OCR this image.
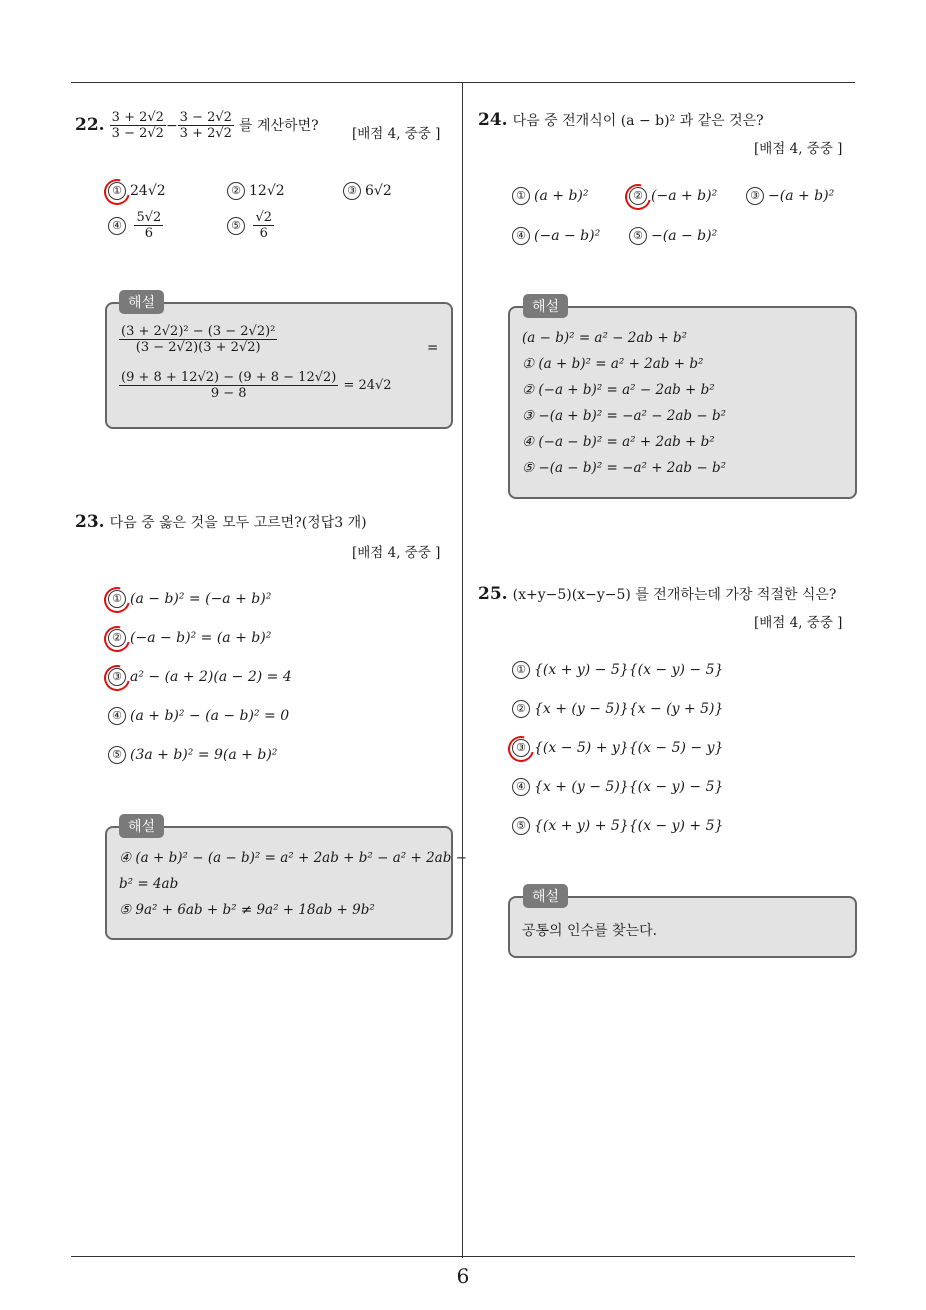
6
22. $\frac{3 + 2√2}{3 - 2√2} - \frac{3 - 2√2}{3 + 2√2}$ 를 계산하면? [배점 4, 중중 ]
① 24√2	② 12√2	③ 6√2
④ $\frac{5√2}{6}$	⑤ $\frac{√2}{6}$
$\frac{\text{(3 + 2√2)² − (3 − 2√2)²}}{(3 - 2√2)(3 + 2√2)}$	=
$\frac{(9 + 8 + 12√2) - (9 + 8 - 12√2)}{9 - 8} = 24√2$
해설
23. 다음 중 옳은 것을 모두 고르면?(정답3 개)
[배점 4, 중중 ]
① (a − b)² = (−a + b)²
② (−a − b)² = (a + b)²
③ a² − (a + 2)(a − 2) = 4
④ (a + b)² − (a − b)² = 0
⑤ (3a + b)² = 9(a + b)²
④ (a + b)² − (a − b)² = a² + 2ab + b² − a² + 2ab −
b² = 4ab
⑤ 9a² + 6ab + b² ≠ 9a² + 18ab + 9b²
해설
24. 다음 중 전개식이 (a − b)² 과 같은 것은?
[배점 4, 중중 ]
① (a + b)²	② (−a + b)²	③ −(a + b)²
④ (−a − b)²	⑤ −(a − b)²
(a − b)² = a² − 2ab + b²
① (a + b)² = a² + 2ab + b²
② (−a + b)² = a² − 2ab + b²
③ −(a + b)² = −a² − 2ab − b²
④ (−a − b)² = a² + 2ab + b²
⑤ −(a − b)² = −a² + 2ab − b²
해설
25. (x+y−5)(x−y−5) 를 전개하는데 가장 적절한 식은?
[배점 4, 중중 ]
① {(x + y) − 5}{(x − y) − 5}
② {x + (y − 5)}{x − (y + 5)}
③ {(x − 5) + y}{(x − 5) − y}
④ {x + (y − 5)}{(x − y) − 5}
⑤ {(x + y) + 5}{(x − y) + 5}
공통의 인수를 찾는다.
해설
